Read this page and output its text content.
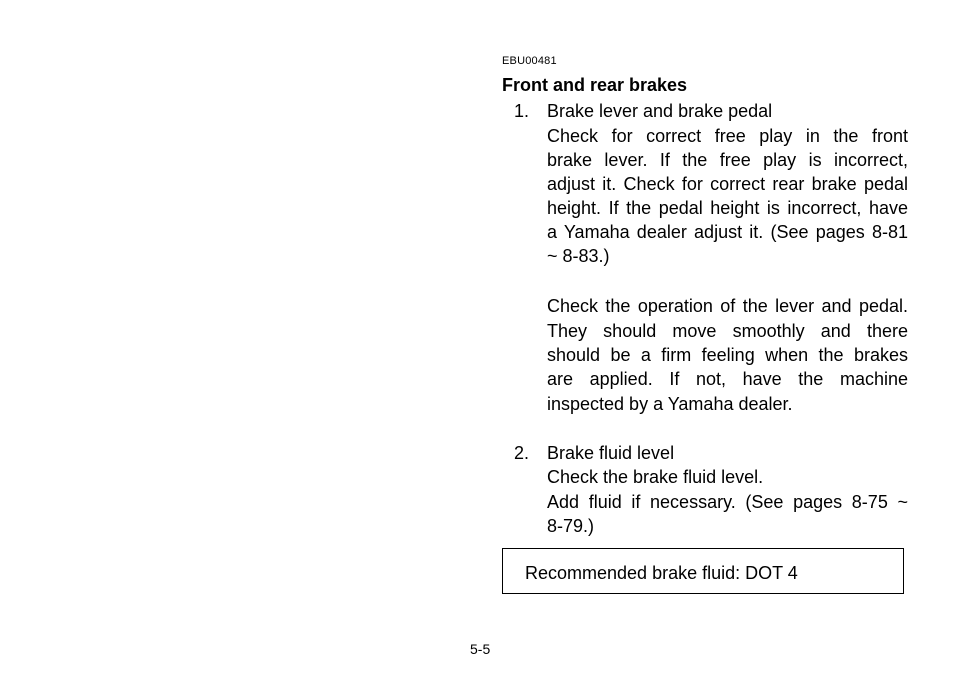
EBU00481
Front and rear brakes
1. Brake lever and brake pedal
Check for correct free play in the front
brake lever. If the free play is incorrect,
adjust it. Check for correct rear brake pedal
height. If the pedal height is incorrect, have
a Yamaha dealer adjust it. (See pages 8-81
~ 8-83.)
Check the operation of the lever and pedal.
They should move smoothly and there
should be a firm feeling when the brakes
are applied. If not, have the machine
inspected by a Yamaha dealer.
2. Brake fluid level
Check the brake fluid level.
Add fluid if necessary. (See pages 8-75 ~
8-79.)
Recommended brake fluid: DOT 4
5-5
